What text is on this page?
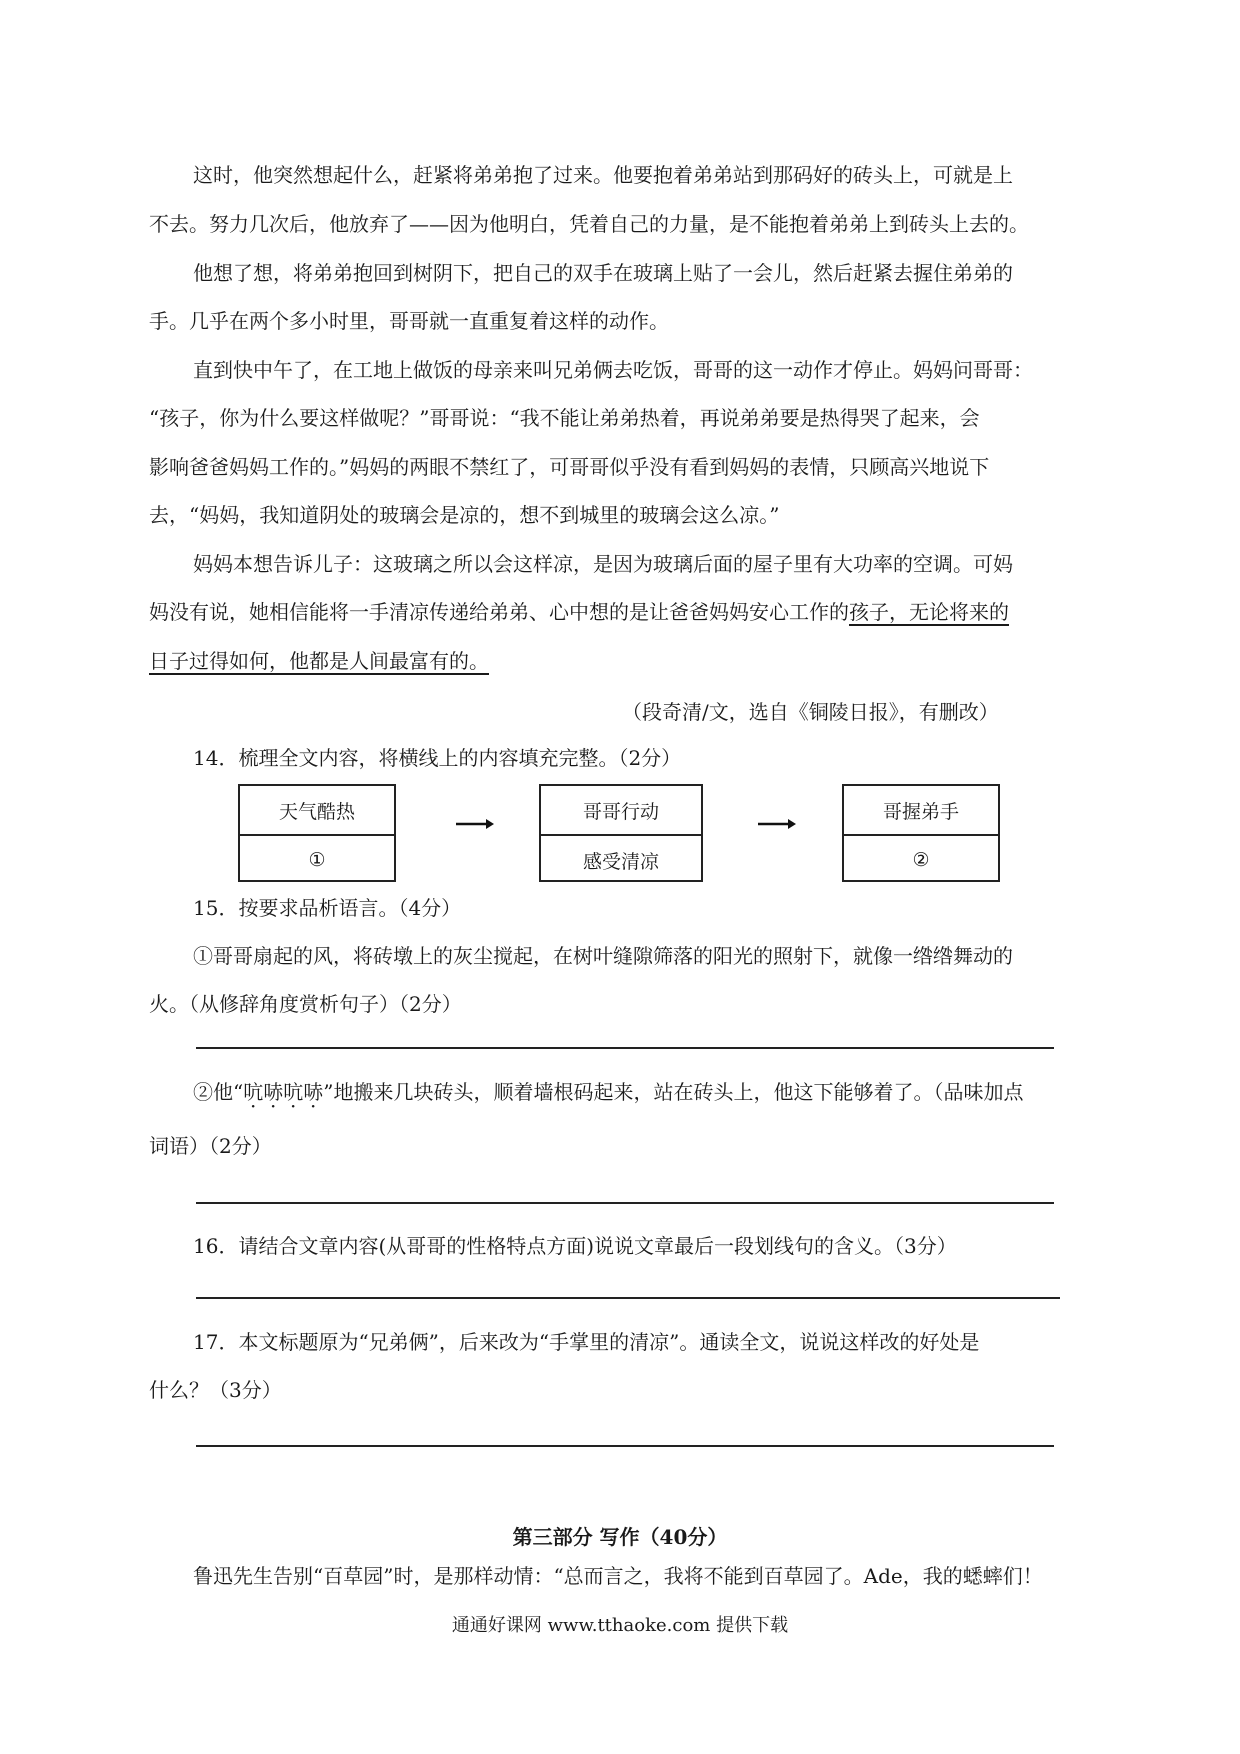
这时，他突然想起什么，赶紧将弟弟抱了过来。他要抱着弟弟站到那码好的砖头上，可就是上
不去。努力几次后，他放弃了——因为他明白，凭着自己的力量，是不能抱着弟弟上到砖头上去的。
他想了想，将弟弟抱回到树阴下，把自己的双手在玻璃上贴了一会儿，然后赶紧去握住弟弟的
手。几乎在两个多小时里，哥哥就一直重复着这样的动作。
直到快中午了，在工地上做饭的母亲来叫兄弟俩去吃饭，哥哥的这一动作才停止。妈妈问哥哥：
“孩子，你为什么要这样做呢？”哥哥说：“我不能让弟弟热着，再说弟弟要是热得哭了起来，会
影响爸爸妈妈工作的。”妈妈的两眼不禁红了，可哥哥似乎没有看到妈妈的表情，只顾高兴地说下
去，“妈妈，我知道阴处的玻璃会是凉的，想不到城里的玻璃会这么凉。”
妈妈本想告诉儿子：这玻璃之所以会这样凉，是因为玻璃后面的屋子里有大功率的空调。可妈
妈没有说，她相信能将一手清凉传递给弟弟、心中想的是让爸爸妈妈安心工作的孩子，无论将来的
日子过得如何，他都是人间最富有的。
（段奇清/文，选自《铜陵日报》，有删改）
14．梳理全文内容，将横线上的内容填充完整。（2分）
天气酷热
①
哥哥行动
感受清凉
哥握弟手
②
15．按要求品析语言。（4分）
①哥哥扇起的风，将砖墩上的灰尘搅起，在树叶缝隙筛落的阳光的照射下，就像一绺绺舞动的
火。（从修辞角度赏析句子）（2分）
②他“吭哧吭哧”地搬来几块砖头，顺着墙根码起来，站在砖头上，他这下能够着了。（品味加点
词语）（2分）
16．请结合文章内容(从哥哥的性格特点方面)说说文章最后一段划线句的含义。（3分）
17．本文标题原为“兄弟俩”，后来改为“手掌里的清凉”。通读全文，说说这样改的好处是
什么？（3分）
第三部分 写作（40分）
鲁迅先生告别“百草园”时，是那样动情：“总而言之，我将不能到百草园了。Ade，我的蟋蟀们！
通通好课网 www.tthaoke.com 提供下载
